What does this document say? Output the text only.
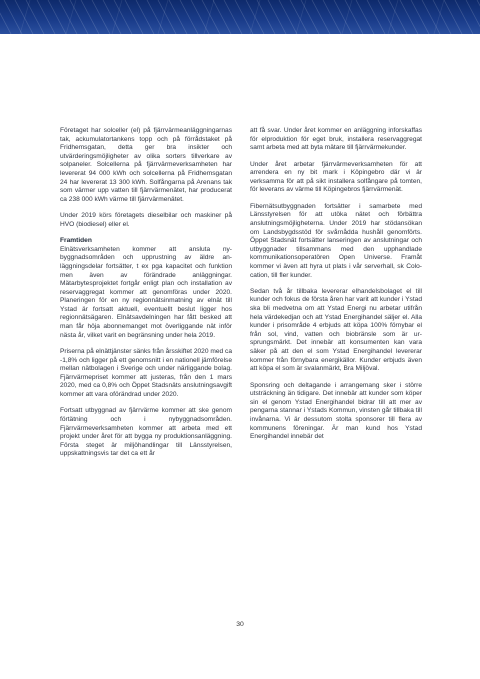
Företaget har solceller (el) på fjärrvärmeanläggningarnas tak, ackumulatortankens topp och på förrådstaket på Fridhemsgatan, detta ger bra insikter och utvärderingsmöjligheter av olika sorters tillverkare av solpaneler. Solcellerna på fjärrvärmeverksamheten har levererat 94 000 kWh och solcellerna på Fridhemsgatan 24 har levererat 13 300 kWh. Solfångarna på Arenans tak som värmer upp vatten till fjärrvärmenätet, har producerat ca 238 000 kWh värme till fjärrvärmenätet.

Under 2019 körs företagets dieselbilar och maskiner på HVO (biodiesel) eller el.

Framtiden

Elnätsverksamheten kommer att ansluta nybyggnadsområden och upprustning av äldre anläggningsdelar fortsätter, t ex pga kapacitet och funktion men även av förändrade anläggningar. Mätarbytesprojektet fortgår enligt plan och installation av reservaggregat kommer att genomföras under 2020. Planeringen för en ny regionnätsinmatning av elnät till Ystad är fortsatt aktuell, eventuellt beslut ligger hos regionnätsägaren. Elnätsavdelningen har fått besked att man får höja abonnemanget mot överliggande nät inför nästa år, vilket varit en begränsning under hela 2019.

Priserna på elnättjänster sänks från årsskiftet 2020 med ca -1,8% och ligger på ett genomsnitt i en nationell jämförelse mellan nätbolagen i Sverige och under närliggande bolag. Fjärrvärmepriset kommer att justeras, från den 1 mars 2020, med ca 0,8% och Öppet Stadsnäts anslutningsavgift kommer att vara oförändrad under 2020.

Fortsatt utbyggnad av fjärrvärme kommer att ske genom förtätning och i nybyggnadsområden. Fjärrvärmeverksamheten kommer att arbeta med ett projekt under året för att bygga ny produktionsanläggning. Första steget är miljöhandlingar till Länsstyrelsen, uppskattningsvis tar det ca ett år

att få svar. Under året kommer en anläggning inforskaffas för elproduktion för eget bruk, installera reservaggregat samt arbeta med att byta mätare till fjärrvärmekunder.

Under året arbetar fjärrvärmeverksamheten för att arrendera en ny bit mark i Köpingebro där vi är verksamma för att på sikt installera solfångare på tomten, för leverans av värme till Köpingebros fjärrvärmenät.

Fibernätsutbyggnaden fortsätter i samarbete med Länsstyrelsen för att utöka nätet och förbättra anslutningsmöjligheterna. Under 2019 har stödansökan om Landsbygdsstöd för svårnådda hushåll genomförts. Öppet Stadsnät fortsätter lanseringen av anslutningar och utbyggnader tillsammans med den upphandlade kommunikationsoperatören Open Universe. Framåt kommer vi även att hyra ut plats i vår serverhall, sk Colocation, till fler kunder.

Sedan två år tillbaka levererar elhandelsbolaget el till kunder och fokus de första åren har varit att kunder i Ystad ska bli medvetna om att Ystad Energi nu arbetar utifrån hela värdekedjan och att Ystad Energihandel säljer el. Alla kunder i prisområde 4 erbjuds att köpa 100% förnybar el från sol, vind, vatten och biobränsle som är ursprungsmärkt. Det innebär att konsumenten kan vara säker på att den el som Ystad Energihandel levererar kommer från förnybara energikällor. Kunder erbjuds även att köpa el som är svalanmärkt, Bra Miljöval.

Sponsring och deltagande i arrangemang sker i större utsträckning än tidigare. Det innebär att kunder som köper sin el genom Ystad Energihandel bidrar till att mer av pengarna stannar i Ystads Kommun, vinsten går tillbaka till invånarna. Vi är dessutom stolta sponsorer till flera av kommunens föreningar. Är man kund hos Ystad Energihandel innebär det

30
